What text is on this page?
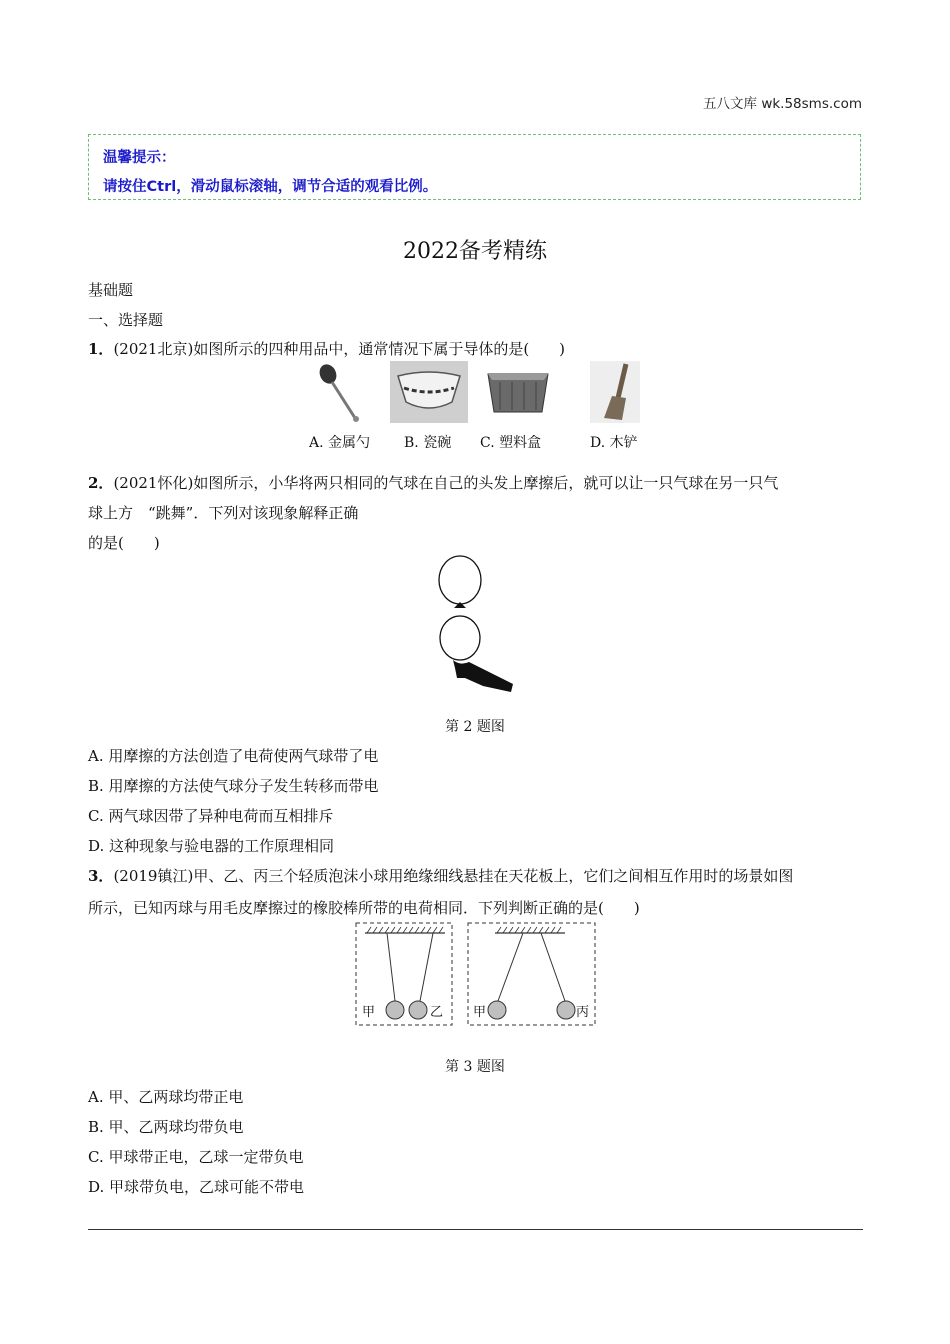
五八文库 wk.58sms.com
温馨提示：
请按住Ctrl，滑动鼠标滚轴，调节合适的观看比例。
2022备考精练
基础题
一、选择题
1．(2021北京)如图所示的四种用品中，通常情况下属于导体的是(　　)
A. 金属勺 B. 瓷碗 C. 塑料盒	D. 木铲
2．(2021怀化)如图所示，小华将两只相同的气球在自己的头发上摩擦后，就可以让一只气球在另一只气
球上方　“跳舞”．下列对该现象解释正确
的是(　　)
第 2 题图
A. 用摩擦的方法创造了电荷使两气球带了电
B. 用摩擦的方法使气球分子发生转移而带电
C. 两气球因带了异种电荷而互相排斥
D. 这种现象与验电器的工作原理相同
3．(2019镇江)甲、乙、丙三个轻质泡沫小球用绝缘细线悬挂在天花板上，它们之间相互作用时的场景如图
所示，已知丙球与用毛皮摩擦过的橡胶棒所带的电荷相同．下列判断正确的是(　　)
甲	乙 甲	丙
第 3 题图
A. 甲、乙两球均带正电
B. 甲、乙两球均带负电
C. 甲球带正电，乙球一定带负电
D. 甲球带负电，乙球可能不带电
